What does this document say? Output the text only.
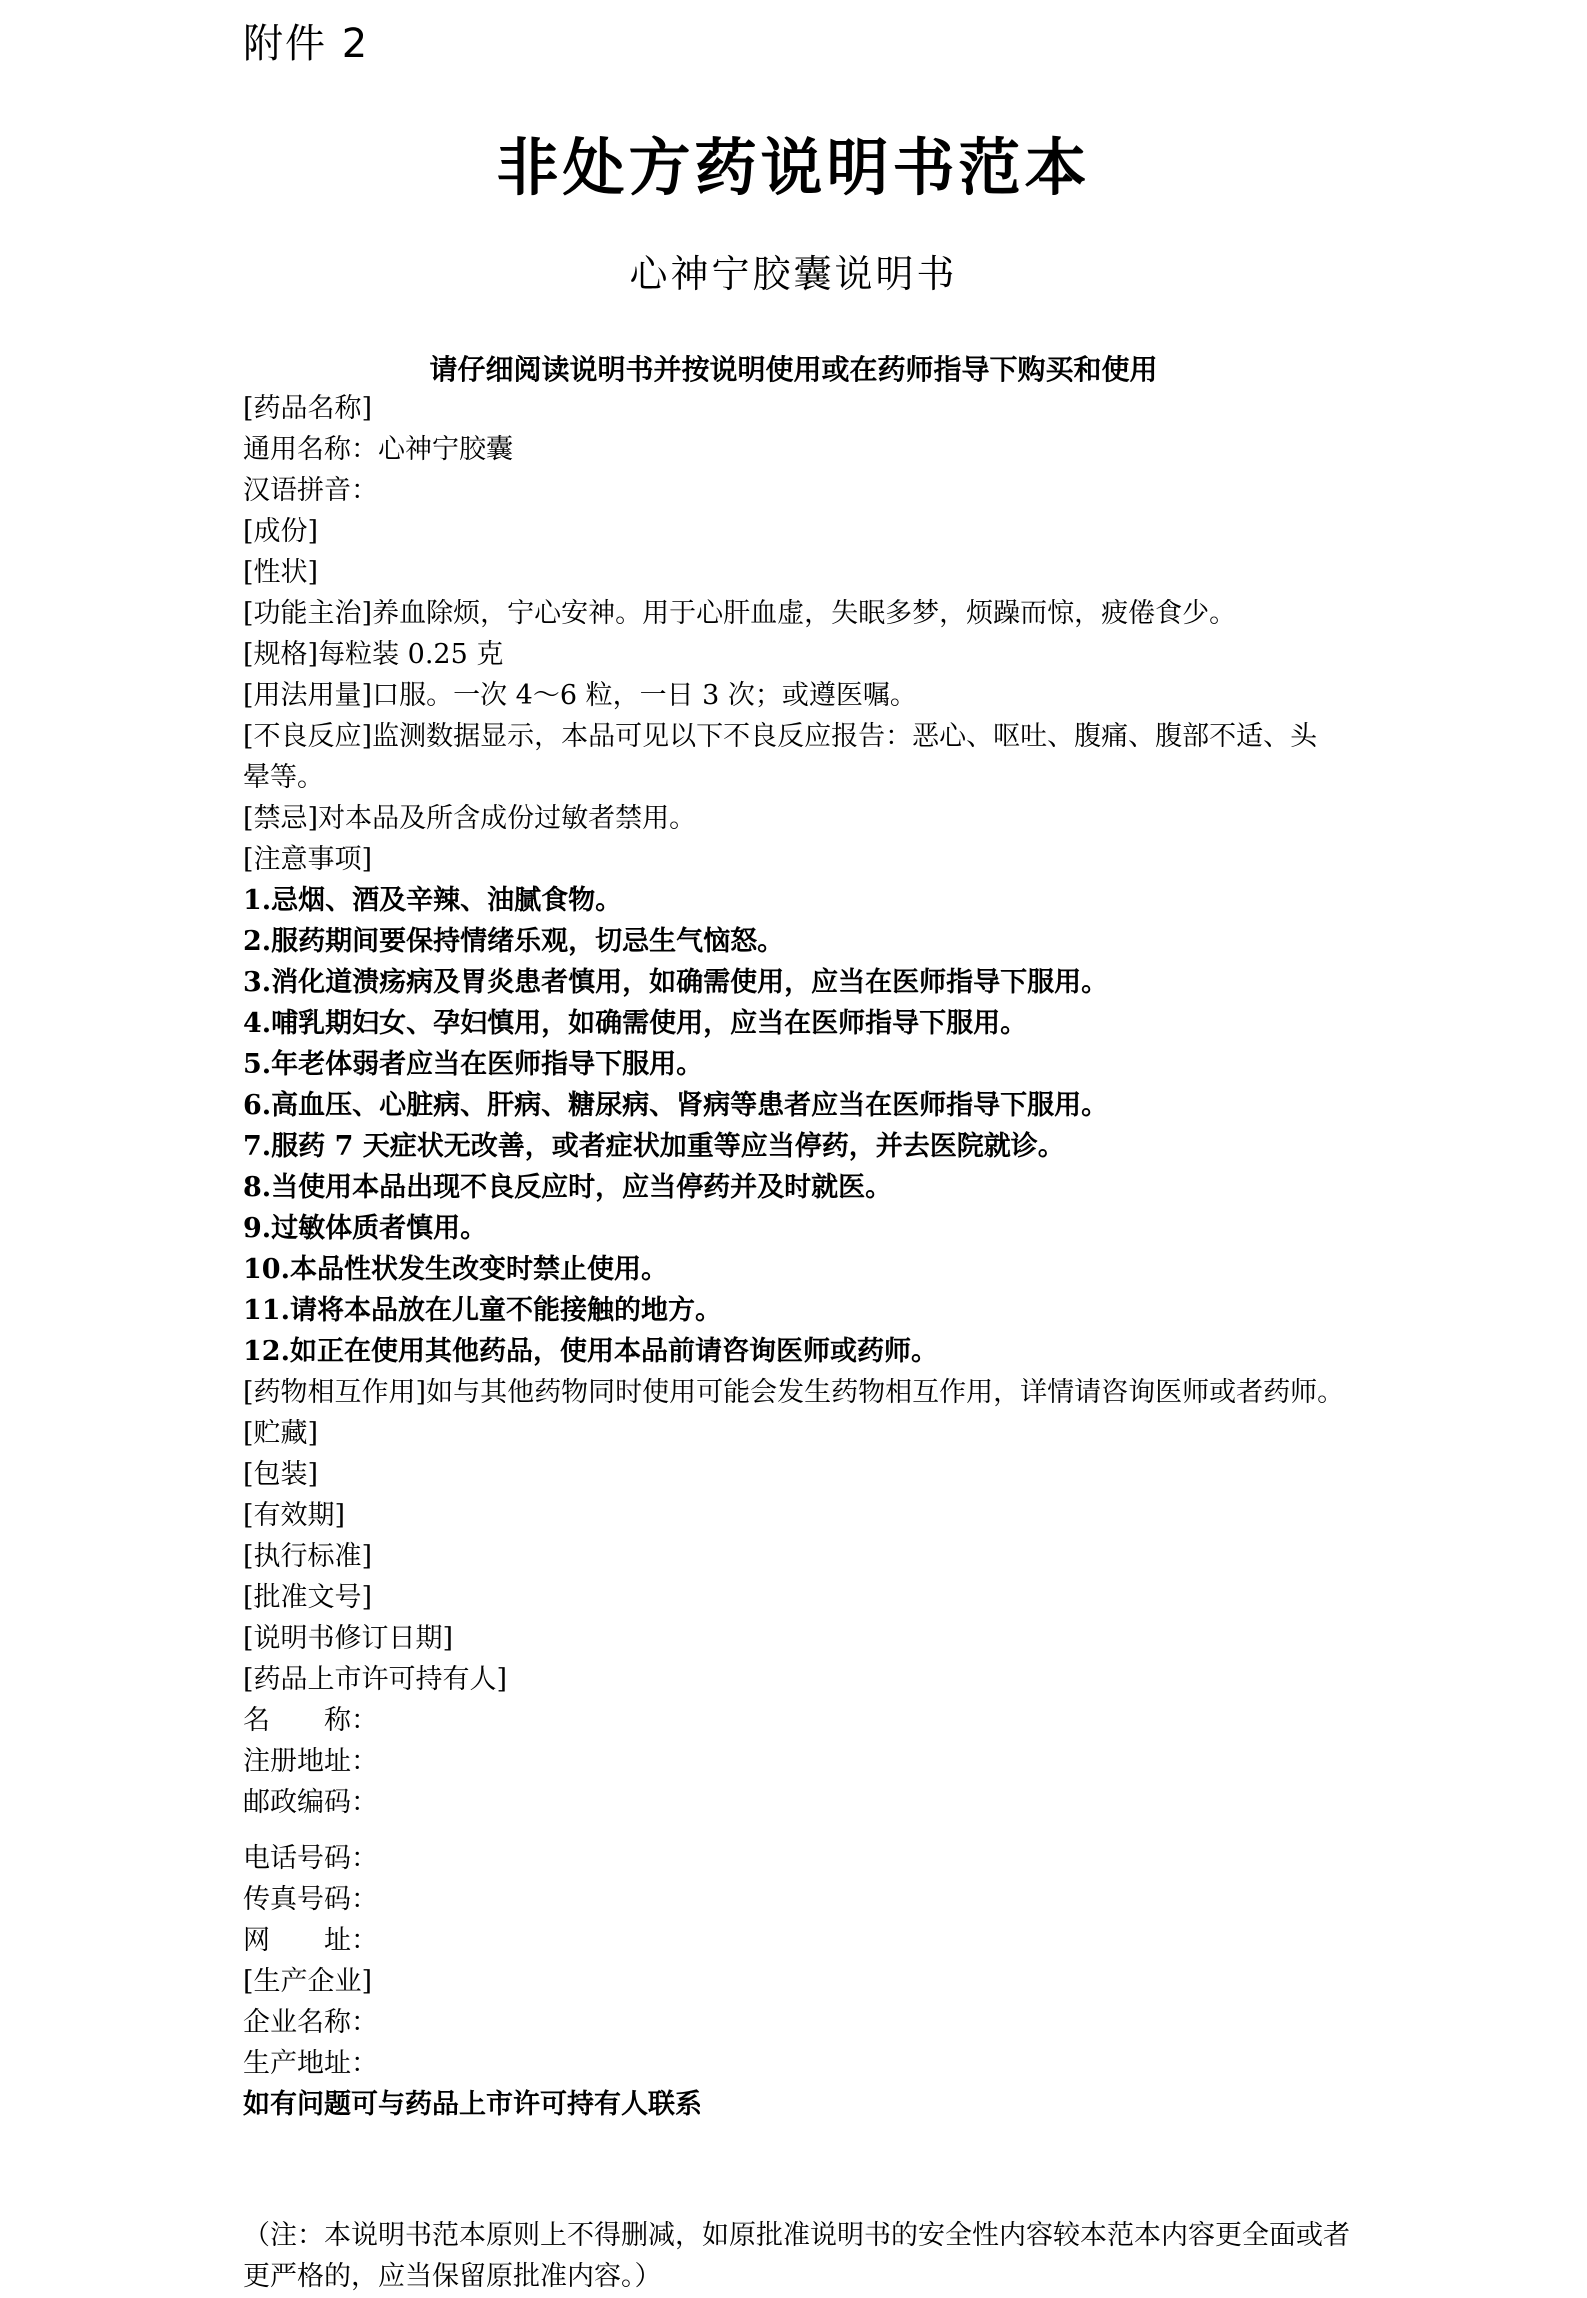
附件 2
非处方药说明书范本
心神宁胶囊说明书
请仔细阅读说明书并按说明使用或在药师指导下购买和使用
[药品名称]
通用名称：心神宁胶囊
汉语拼音：
[成份]
[性状]
[功能主治]养血除烦，宁心安神。用于心肝血虚，失眠多梦，烦躁而惊，疲倦食少。
[规格]每粒装 0.25 克
[用法用量]口服。一次 4～6 粒，一日 3 次；或遵医嘱。
[不良反应]监测数据显示，本品可见以下不良反应报告：恶心、呕吐、腹痛、腹部不适、头
晕等。
[禁忌]对本品及所含成份过敏者禁用。
[注意事项]
1.忌烟、酒及辛辣、油腻食物。
2.服药期间要保持情绪乐观，切忌生气恼怒。
3.消化道溃疡病及胃炎患者慎用，如确需使用，应当在医师指导下服用。
4.哺乳期妇女、孕妇慎用，如确需使用，应当在医师指导下服用。
5.年老体弱者应当在医师指导下服用。
6.高血压、心脏病、肝病、糖尿病、肾病等患者应当在医师指导下服用。
7.服药 7 天症状无改善，或者症状加重等应当停药，并去医院就诊。
8.当使用本品出现不良反应时，应当停药并及时就医。
9.过敏体质者慎用。
10.本品性状发生改变时禁止使用。
11.请将本品放在儿童不能接触的地方。
12.如正在使用其他药品，使用本品前请咨询医师或药师。
[药物相互作用]如与其他药物同时使用可能会发生药物相互作用，详情请咨询医师或者药师。
[贮藏]
[包装]
[有效期]
[执行标准]
[批准文号]
[说明书修订日期]
[药品上市许可持有人]
名　　称：
注册地址：
邮政编码：
电话号码：
传真号码：
网　　址：
[生产企业]
企业名称：
生产地址：
如有问题可与药品上市许可持有人联系
（注：本说明书范本原则上不得删减，如原批准说明书的安全性内容较本范本内容更全面或者更严格的，应当保留原批准内容。）
